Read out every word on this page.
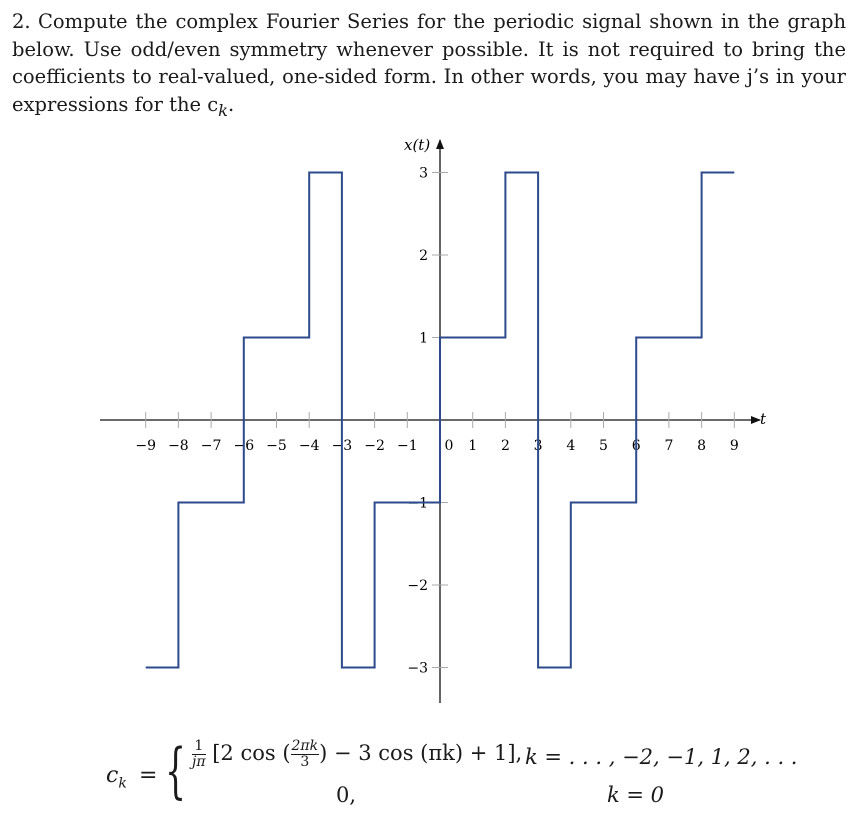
2. Compute the complex Fourier Series for the periodic signal shown in the graph below. Use odd/even symmetry whenever possible. It is not required to bring the coefficients to real-valued, one-sided form. In other words, you may have j’s in your expressions for the $c_k$.
−9 −8 −7 −6 −5 −4 −3 −2 −1 0 1 2 3 4 5 6 7 8 9
3
2
1
−1
−2
−3
x(t)
t
$c_k$ = { $\frac{1}{j\pi} [2$ cos ( $\frac{2\pi k}{3}$ ) − 3 cos (πk) + 1], k = . . . , −2, −1, 1, 2, . . .
0,	k = 0
